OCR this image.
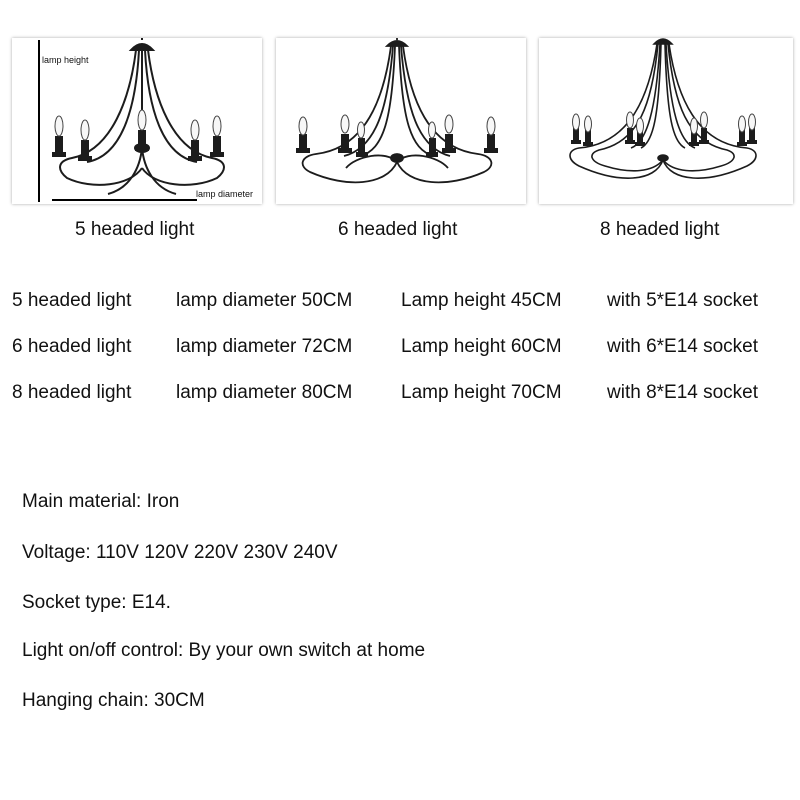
lamp height
lamp diameter
5 headed light	6 headed light	8 headed light
5 headed light lamp diameter 50CM	Lamp height 45CM with 5*E14 socket
6 headed light lamp diameter 72CM	Lamp height 60CM with 6*E14 socket
8 headed light lamp diameter 80CM	Lamp height 70CM with 8*E14 socket
Main material: Iron
Voltage: 110V 120V 220V 230V 240V
Socket type: E14.
Light on/off control: By your own switch at home
Hanging chain: 30CM
